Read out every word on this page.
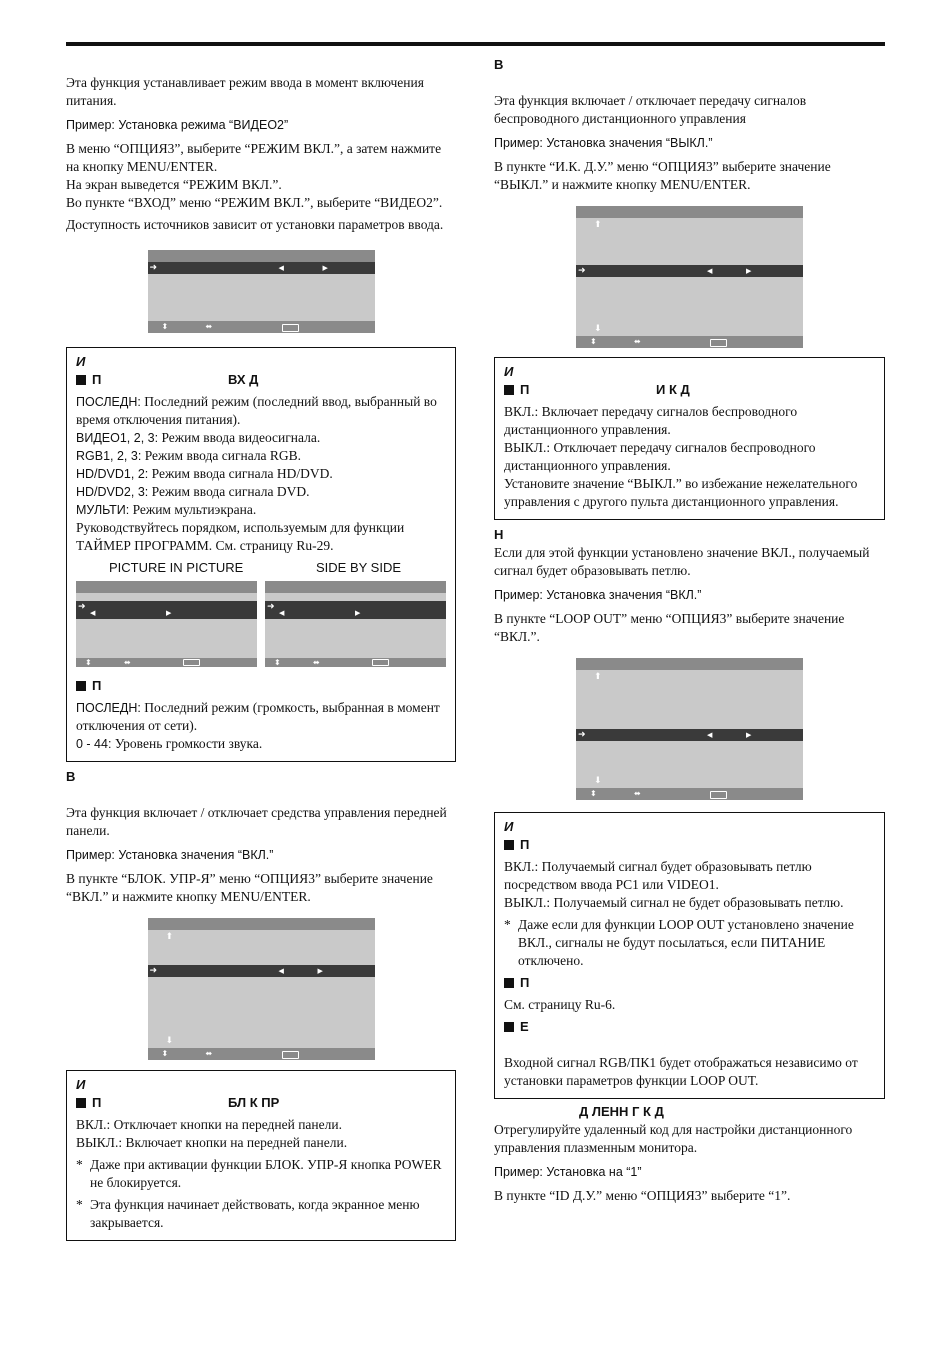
Эта функция устанавливает режим ввода в момент включения питания.

Пример: Установка режима “ВИДЕО2”

В меню “ОПЦИЯ3”, выберите “РЕЖИМ ВКЛ.”, а затем нажмите на кнопку MENU/ENTER.

На экран выведется “РЕЖИМ ВКЛ.”.

Во пункте “ВХОД” меню “РЕЖИМ ВКЛ.”, выберите “ВИДЕО2”.

Доступность источников зависит от установки параметров ввода.

➜	◀	▶
⬍	⬌
И
П	ВХ Д
ПОСЛЕДН: Последний режим (последний ввод, выбранный во время отключения питания).
ВИДЕО1, 2, 3: Режим ввода видеосигнала.
RGB1, 2, 3: Режим ввода сигнала RGB.
HD/DVD1, 2: Режим ввода сигнала HD/DVD.
HD/DVD2, 3: Режим ввода сигнала DVD.
МУЛЬТИ: Режим мультиэкрана.
Руководствуйтесь порядком, используемым для функции ТАЙМЕР ПРОГРАММ. См. страницу Ru-29.
PICTURE IN PICTURE	SIDE BY SIDE
➜
◀	▶
⬍	⬌
➜
◀	▶
⬍	⬌
П
ПОСЛЕДН: Последний режим (громкость, выбранная в момент отключения от сети).
0 - 44: Уровень громкости звука.
В

Эта функция включает / отключает средства управления передней панели.

Пример: Установка значения “ВКЛ.”

В пункте “БЛОК. УПР-Я” меню “ОПЦИЯ3” выберите значение “ВКЛ.” и нажмите кнопку MENU/ENTER.

⬆
➜	◀	▶
⬇
⬍	⬌
И
П	БЛ К ПР
ВКЛ.: Отключает кнопки на передней панели.
ВЫКЛ.: Включает кнопки на передней панели.
* Даже при активации функции БЛОК. УПР-Я кнопка POWER не блокируется.
* Эта функция начинает действовать, когда экранное меню закрывается.
В

Эта функция включает / отключает передачу сигналов беспроводного дистанционного управления

Пример: Установка значения “ВЫКЛ.”

В пункте “И.К. Д.У.” меню “ОПЦИЯ3” выберите значение “ВЫКЛ.” и нажмите кнопку MENU/ENTER.

⬆
➜	◀	▶
⬇
⬍	⬌
И
П	И К Д
ВКЛ.: Включает передачу сигналов беспроводного дистанционного управления.
ВЫКЛ.: Отключает передачу сигналов беспроводного дистанционного управления.
Установите значение “ВЫКЛ.” во избежание нежелательного управления с другого пульта дистанционного управления.
Н

Если для этой функции установлено значение ВКЛ., получаемый сигнал будет образовывать петлю.

Пример: Установка значения “ВКЛ.”

В пункте “LOOP OUT” меню “ОПЦИЯ3” выберите значение “ВКЛ.”.

⬆
➜	◀	▶
⬇
⬍	⬌
И
П
ВКЛ.: Получаемый сигнал будет образовывать петлю посредством ввода PC1 или VIDEO1.
ВЫКЛ.: Получаемый сигнал не будет образовывать петлю.
* Даже если для функции LOOP OUT установлено значение ВКЛ., сигналы не будут посылаться, если ПИТАНИЕ отключено.
П
См. страницу Ru-6.
Е
Входной сигнал RGB/ПК1 будет отображаться независимо от установки параметров функции LOOP OUT.
Д ЛЕНН Г К Д

Отрегулируйте удаленный код для настройки дистанционного управления плазменным монитора.

Пример: Установка на “1”

В пункте “ID Д.У.” меню “ОПЦИЯ3” выберите “1”.
